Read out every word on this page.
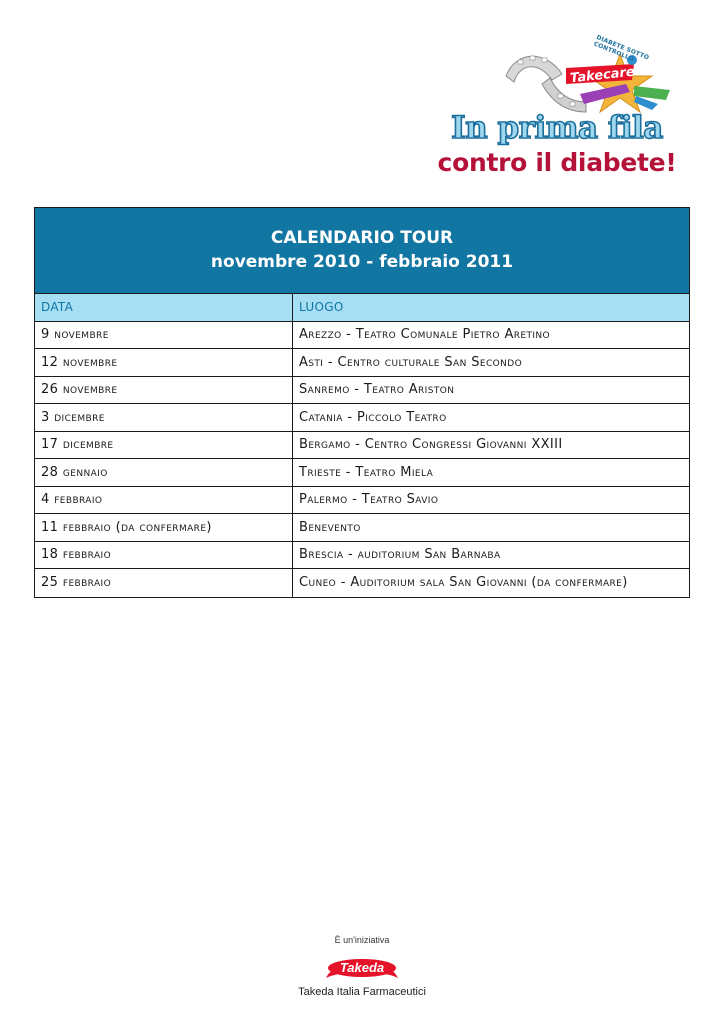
DIABETE SOTTO CONTROLLO
Takecare
In prima fila
contro il diabete!
CALENDARIO TOUR
novembre 2010 - febbraio 2011
DATA	LUOGO
9 novembre	Arezzo - Teatro Comunale Pietro Aretino
12 novembre	Asti - Centro culturale San Secondo
26 novembre	Sanremo - Teatro Ariston
3 dicembre	Catania - Piccolo Teatro
17 dicembre	Bergamo - Centro Congressi Giovanni XXIII
28 gennaio	Trieste - Teatro Miela
4 febbraio	Palermo - Teatro Savio
11 febbraio (da confermare)	Benevento
18 febbraio	Brescia - auditorium San Barnaba
25 febbraio	Cuneo - Auditorium sala San Giovanni (da confermare)
È un'iniziativa
Takeda
Takeda Italia Farmaceutici
